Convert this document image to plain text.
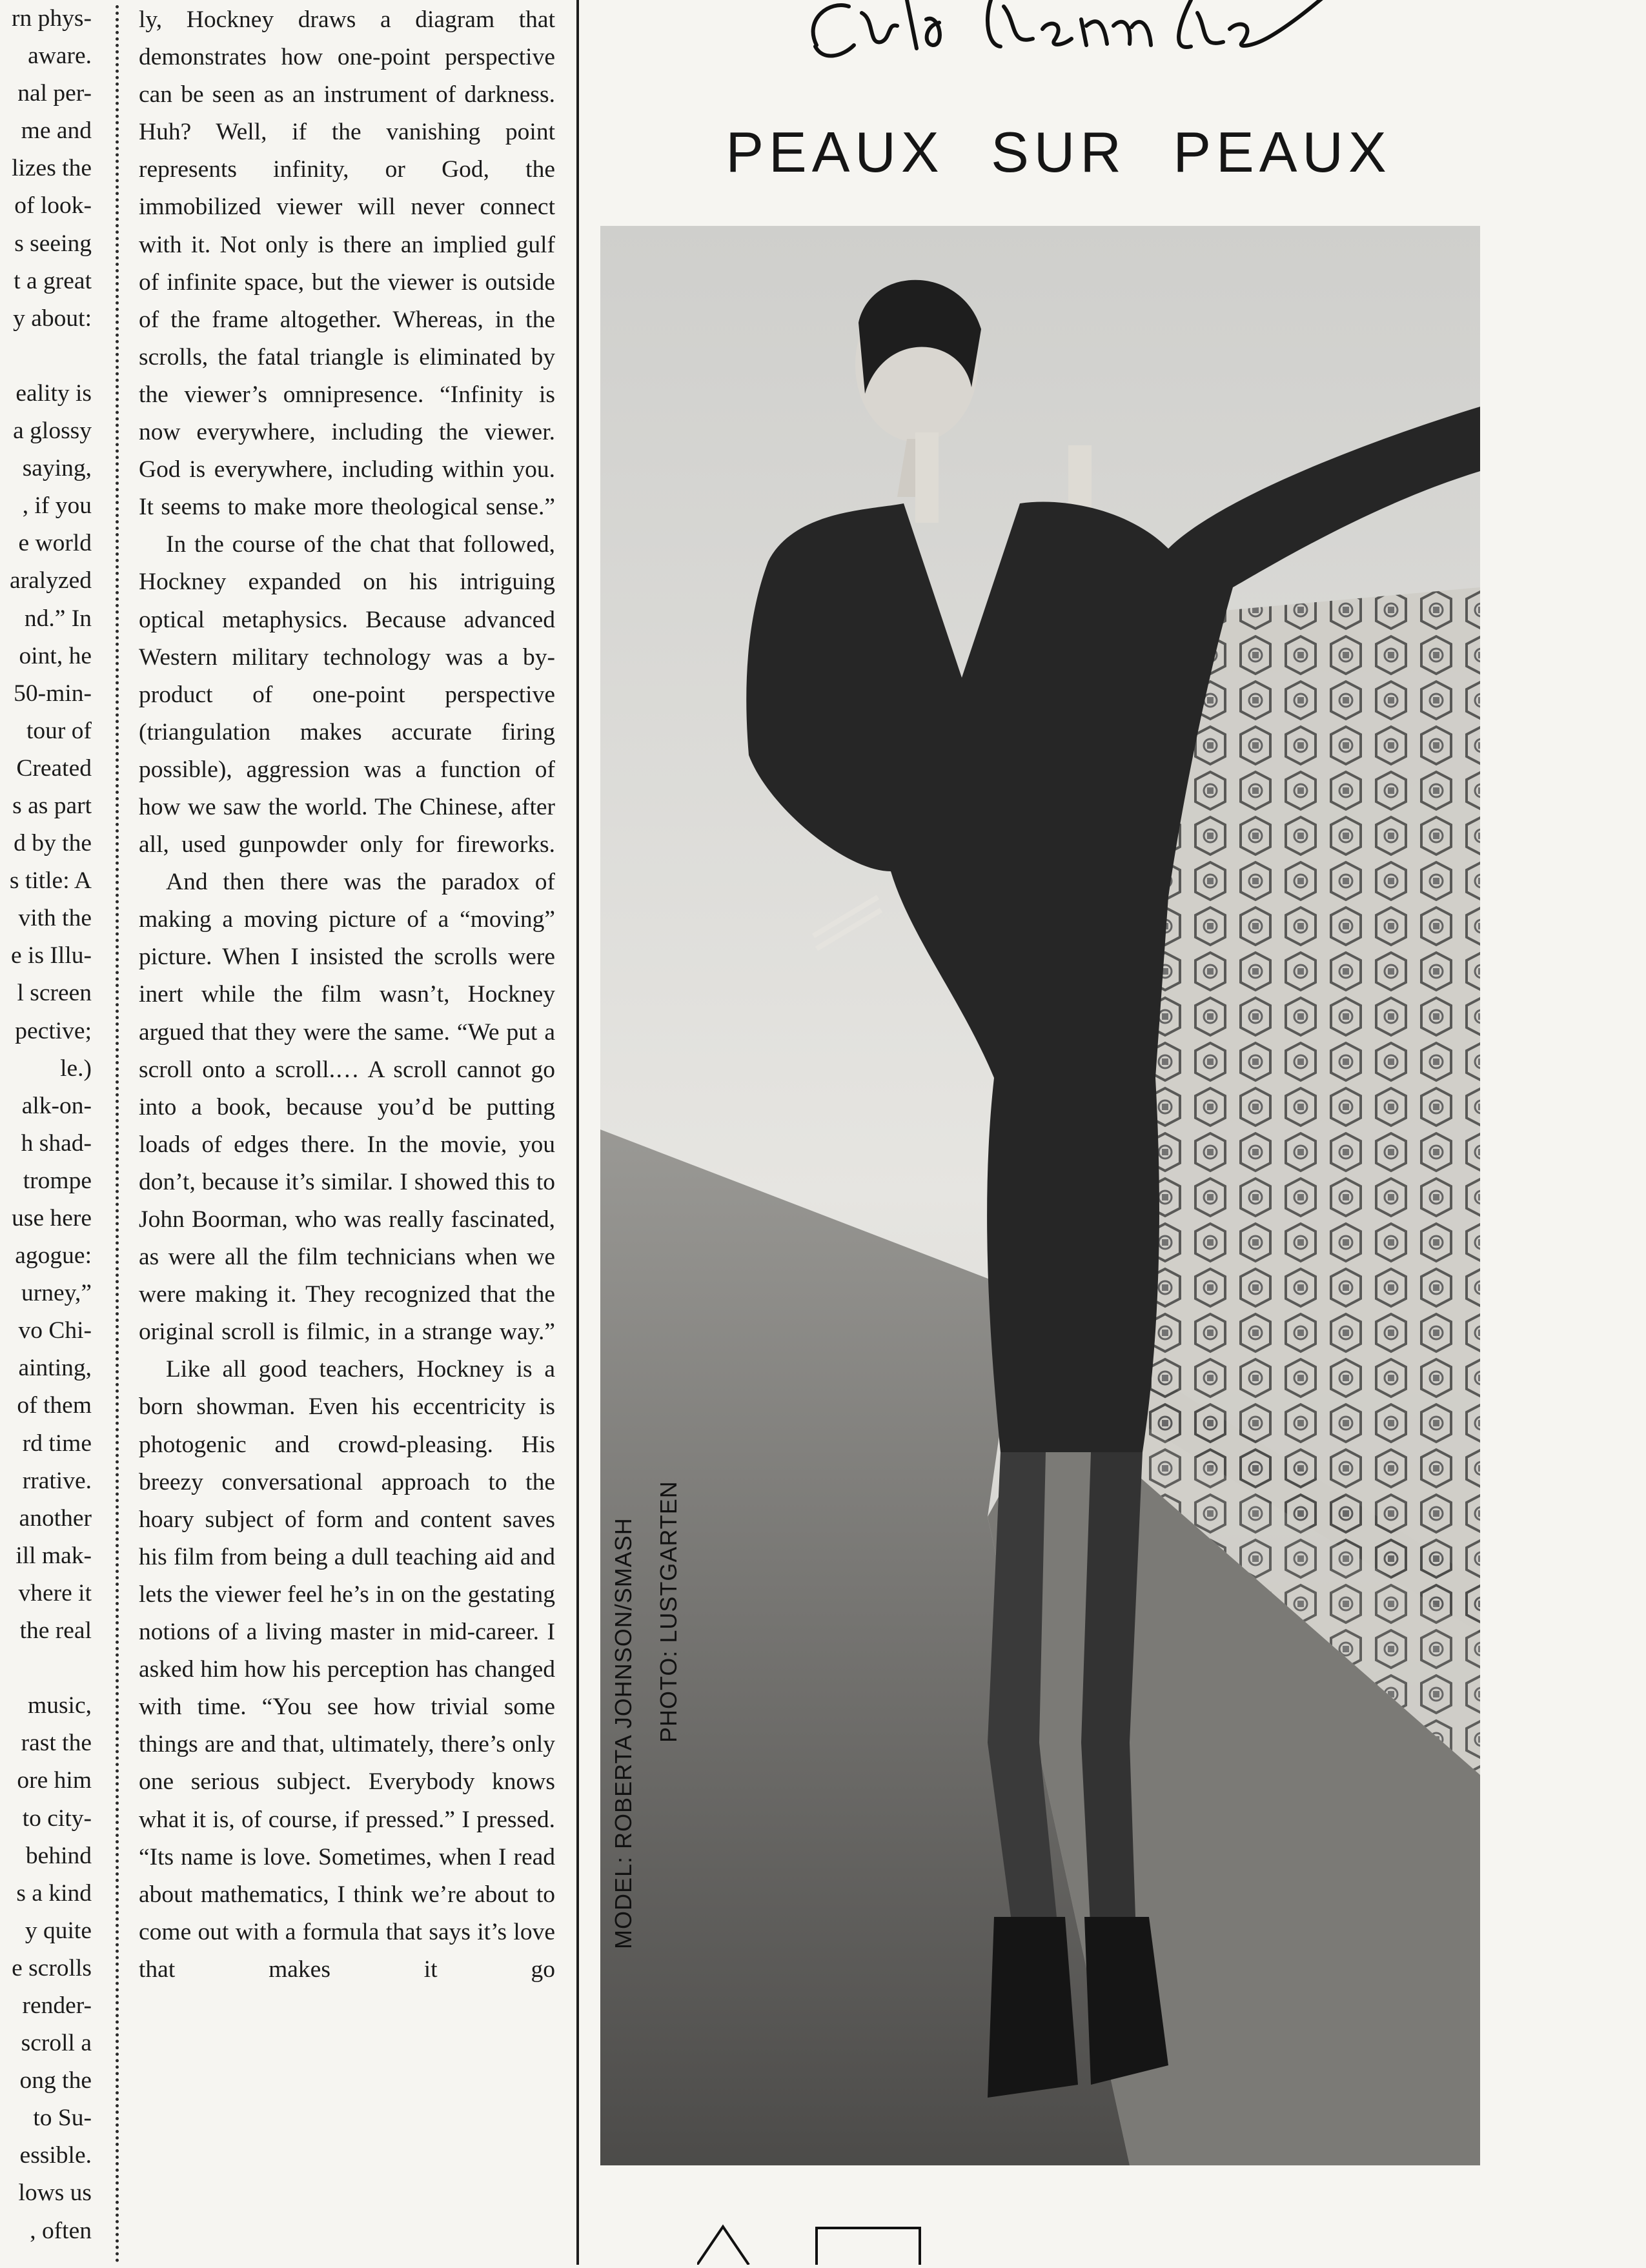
rn phys-
aware.
nal per-
me and
lizes the
of look-
s seeing
t a great
y about:
eality is
a glossy
saying,
, if you
e world
aralyzed
nd.” In
oint, he
50-min-
tour of
Created
s as part
d by the
s title: A
vith the
e is Illu-
l screen
pective;
le.)
alk-on-
h shad-
trompe
use here
agogue:
urney,”
vo Chi-
ainting,
of them
rd time
rrative.
another
ill mak-
vhere it
the real
music,
rast the
ore him
to city-
behind
s a kind
y quite
e scrolls
render-
scroll a
ong the
to Su-
essible.
lows us
, often

ly, Hockney draws a diagram that demonstrates how one-point perspective can be seen as an instrument of darkness. Huh? Well, if the vanishing point represents infinity, or God, the immobilized viewer will never connect with it. Not only is there an implied gulf of infinite space, but the viewer is outside of the frame altogether. Whereas, in the scrolls, the fatal triangle is eliminated by the viewer’s omnipresence. “Infinity is now everywhere, including the viewer. God is everywhere, including within you. It seems to make more theological sense.”

In the course of the chat that followed, Hockney expanded on his intriguing optical metaphysics. Because advanced Western military technology was a by-product of one-point perspective (triangulation makes accurate firing possible), aggression was a function of how we saw the world. The Chinese, after all, used gunpowder only for fireworks.

And then there was the paradox of making a moving picture of a “moving” picture. When I insisted the scrolls were inert while the film wasn’t, Hockney argued that they were the same. “We put a scroll onto a scroll.… A scroll cannot go into a book, because you’d be putting loads of edges there. In the movie, you don’t, because it’s similar. I showed this to John Boorman, who was really fascinated, as were all the film technicians when we were making it. They recognized that the original scroll is filmic, in a strange way.”

Like all good teachers, Hockney is a born showman. Even his eccentricity is photogenic and crowd-pleasing. His breezy conversational approach to the hoary subject of form and content saves his film from being a dull teaching aid and lets the viewer feel he’s in on the gestating notions of a living master in mid-career. I asked him how his perception has changed with time. “You see how trivial some things are and that, ultimately, there’s only one serious subject. Everybody knows what it is, of course, if pressed.” I pressed. “Its name is love. Sometimes, when I read about mathematics, I think we’re about to come out with a formula that says it’s love that makes it go

PEAUX SUR PEAUX
MODEL: ROBERTA JOHNSON/SMASH PHOTO: LUSTGARTEN
